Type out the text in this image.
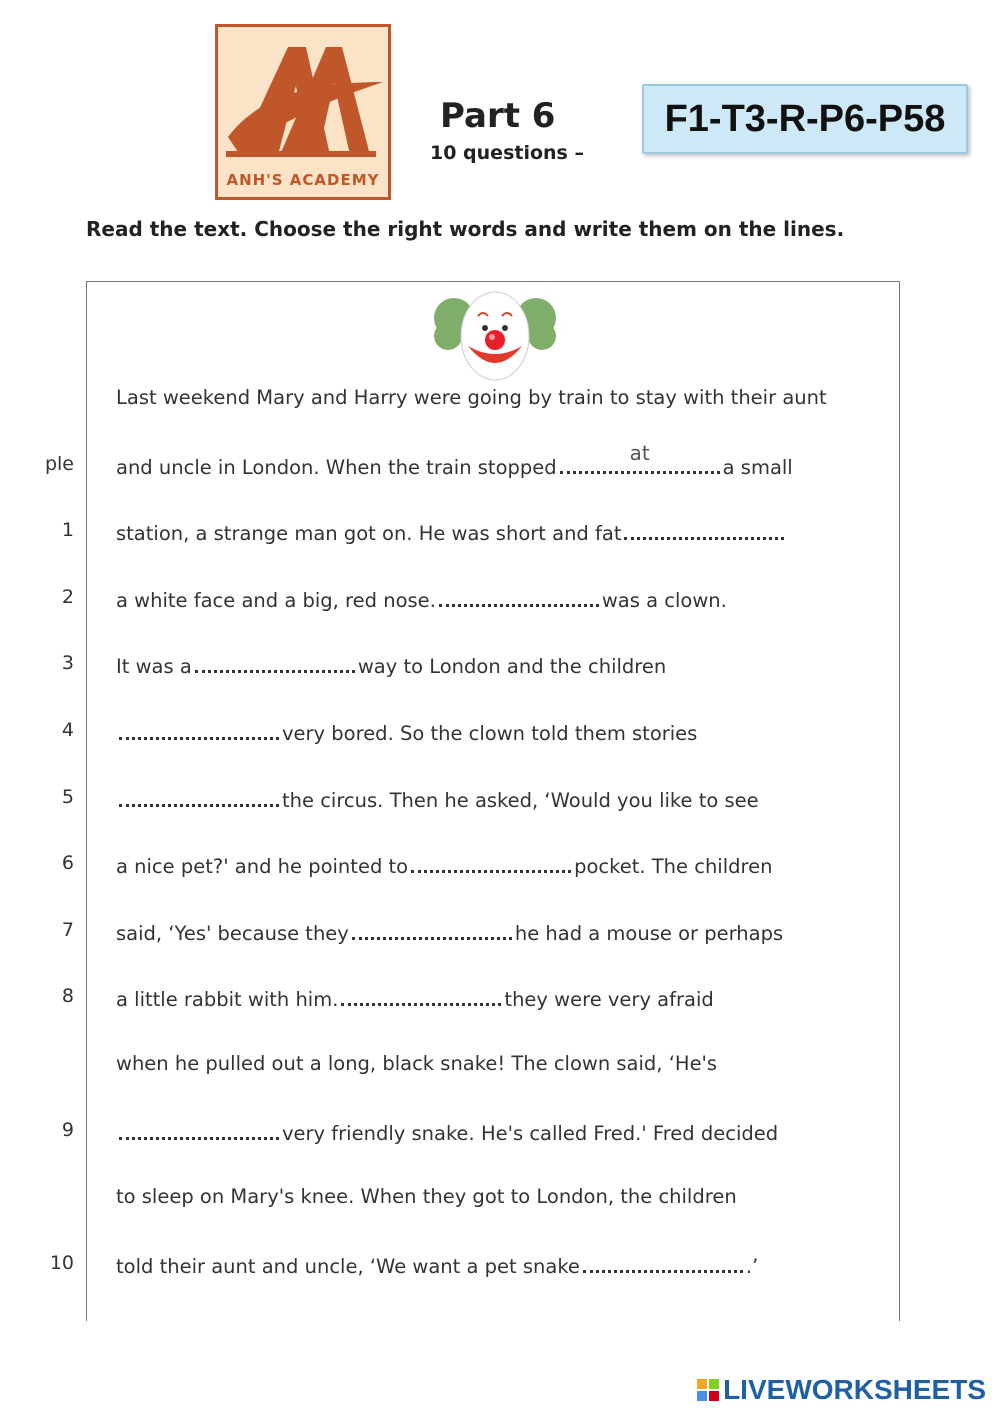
ANH'S ACADEMY
Part 6
10 questions –
F1-T3-R-P6-P58
Read the text. Choose the right words and write them on the lines.
Last weekend Mary and Harry were going by train to stay with their aunt
ple and uncle in London. When the train stopped
at
a small
1 station, a strange man got on. He was short and fat
2 a white face and a big, red nose.	was a clown.
3 It was a	way to London and the children
4	very bored. So the clown told them stories
5	the circus. Then he asked, ‘Would you like to see
6 a nice pet?' and he pointed to	pocket. The children
7 said, ‘Yes' because they	he had a mouse or perhaps
8 a little rabbit with him.	they were very afraid
when he pulled out a long, black snake! The clown said, ‘He's
9	very friendly snake. He's called Fred.' Fred decided
to sleep on Mary's knee. When they got to London, the children
10 told their aunt and uncle, ‘We want a pet snake	.’
LIVEWORKSHEETS
